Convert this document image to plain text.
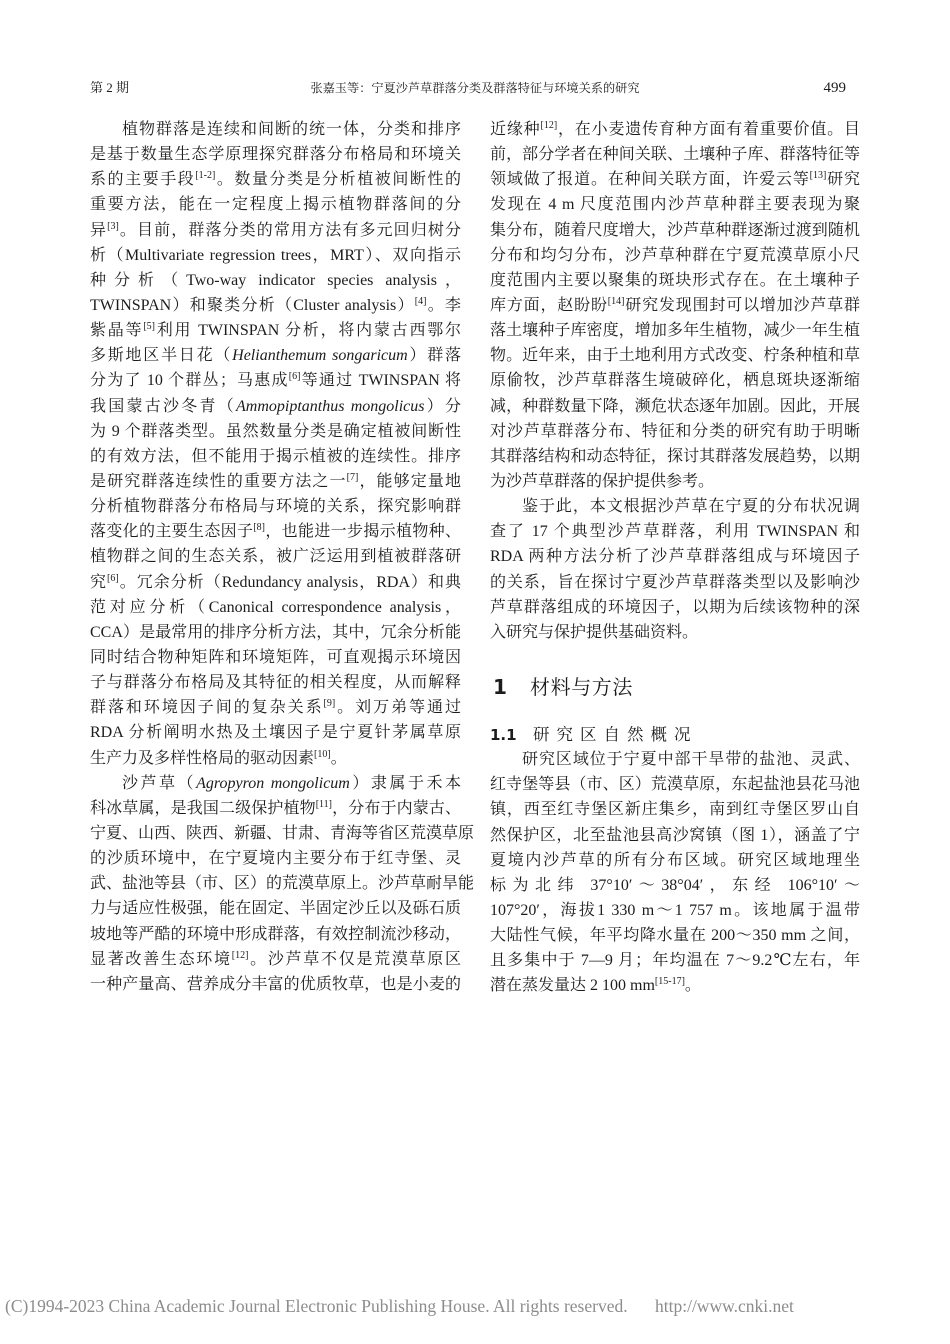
第 2 期	张嘉玉等：宁夏沙芦草群落分类及群落特征与环境关系的研究	499
植物群落是连续和间断的统一体，分类和排序
是基于数量生态学原理探究群落分布格局和环境关
系的主要手段[1-2]。数量分类是分析植被间断性的
重要方法，能在一定程度上揭示植物群落间的分
异[3]。目前，群落分类的常用方法有多元回归树分
析（Multivariate regression trees，MRT）、双向指示
种分析（Two-way indicator species analysis，
TWINSPAN）和聚类分析（Cluster analysis）[4]。李
紫晶等[5]利用 TWINSPAN 分析，将内蒙古西鄂尔
多斯地区半日花（Helianthemum songaricum）群落
分为了 10 个群丛；马惠成[6]等通过 TWINSPAN 将
我国蒙古沙冬青（Ammopiptanthus mongolicus）分
为 9 个群落类型。虽然数量分类是确定植被间断性
的有效方法，但不能用于揭示植被的连续性。排序
是研究群落连续性的重要方法之一[7]，能够定量地
分析植物群落分布格局与环境的关系，探究影响群
落变化的主要生态因子[8]，也能进一步揭示植物种、
植物群之间的生态关系，被广泛运用到植被群落研
究[6]。冗余分析（Redundancy analysis，RDA）和典
范对应分析（Canonical correspondence analysis，
CCA）是最常用的排序分析方法，其中，冗余分析能
同时结合物种矩阵和环境矩阵，可直观揭示环境因
子与群落分布格局及其特征的相关程度，从而解释
群落和环境因子间的复杂关系[9]。刘万弟等通过
RDA 分析阐明水热及土壤因子是宁夏针茅属草原
生产力及多样性格局的驱动因素[10]。
沙芦草（Agropyron mongolicum）隶属于禾本
科冰草属，是我国二级保护植物[11]，分布于内蒙古、
宁夏、山西、陕西、新疆、甘肃、青海等省区荒漠草原
的沙质环境中，在宁夏境内主要分布于红寺堡、灵
武、盐池等县（市、区）的荒漠草原上。沙芦草耐旱能
力与适应性极强，能在固定、半固定沙丘以及砾石质
坡地等严酷的环境中形成群落，有效控制流沙移动，
显著改善生态环境[12]。沙芦草不仅是荒漠草原区
一种产量高、营养成分丰富的优质牧草，也是小麦的
近缘种[12]，在小麦遗传育种方面有着重要价值。目
前，部分学者在种间关联、土壤种子库、群落特征等
领域做了报道。在种间关联方面，许爱云等[13]研究
发现在 4 m 尺度范围内沙芦草种群主要表现为聚
集分布，随着尺度增大，沙芦草种群逐渐过渡到随机
分布和均匀分布，沙芦草种群在宁夏荒漠草原小尺
度范围内主要以聚集的斑块形式存在。在土壤种子
库方面，赵盼盼[14]研究发现围封可以增加沙芦草群
落土壤种子库密度，增加多年生植物，减少一年生植
物。近年来，由于土地利用方式改变、柠条种植和草
原偷牧，沙芦草群落生境破碎化，栖息斑块逐渐缩
减，种群数量下降，濒危状态逐年加剧。因此，开展
对沙芦草群落分布、特征和分类的研究有助于明晰
其群落结构和动态特征，探讨其群落发展趋势，以期
为沙芦草群落的保护提供参考。
鉴于此，本文根据沙芦草在宁夏的分布状况调
查了 17 个典型沙芦草群落，利用 TWINSPAN 和
RDA 两种方法分析了沙芦草群落组成与环境因子
的关系，旨在探讨宁夏沙芦草群落类型以及影响沙
芦草群落组成的环境因子，以期为后续该物种的深
入研究与保护提供基础资料。
1 材料与方法
1.1 研究区自然概况
研究区域位于宁夏中部干旱带的盐池、灵武、
红寺堡等县（市、区）荒漠草原，东起盐池县花马池
镇，西至红寺堡区新庄集乡，南到红寺堡区罗山自
然保护区，北至盐池县高沙窝镇（图 1），涵盖了宁
夏境内沙芦草的所有分布区域。研究区域地理坐
标为北纬 37°10′～38°04′，东经 106°10′～
107°20′，海拔1 330 m～1 757 m。该地属于温带
大陆性气候，年平均降水量在 200～350 mm 之间，
且多集中于 7—9 月；年均温在 7～9.2℃左右，年
潜在蒸发量达 2 100 mm[15-17]。
(C)1994-2023 China Academic Journal Electronic Publishing House. All rights reserved. http://www.cnki.net
